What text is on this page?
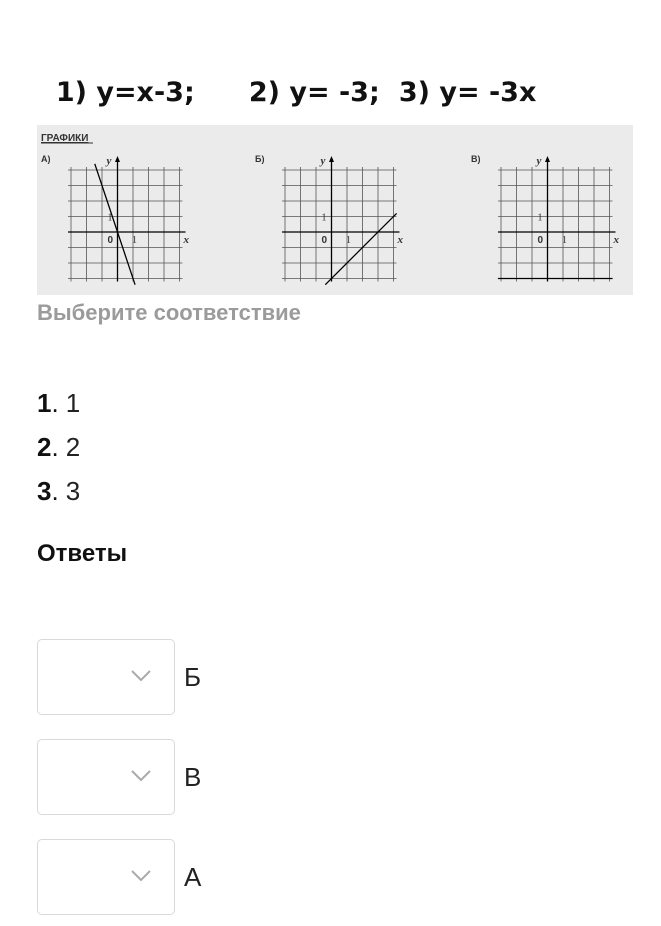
1) y=x-3; 2) y= -3; 3) y= -3x

ГРАФИКИ
А)	y
x
0 1
1
Б)	y
x
0 1
1
В)	y
x
0 1
1
Выберите соответствие
1 . 1
2 . 2
3 . 3
Ответы
Б
В
А
